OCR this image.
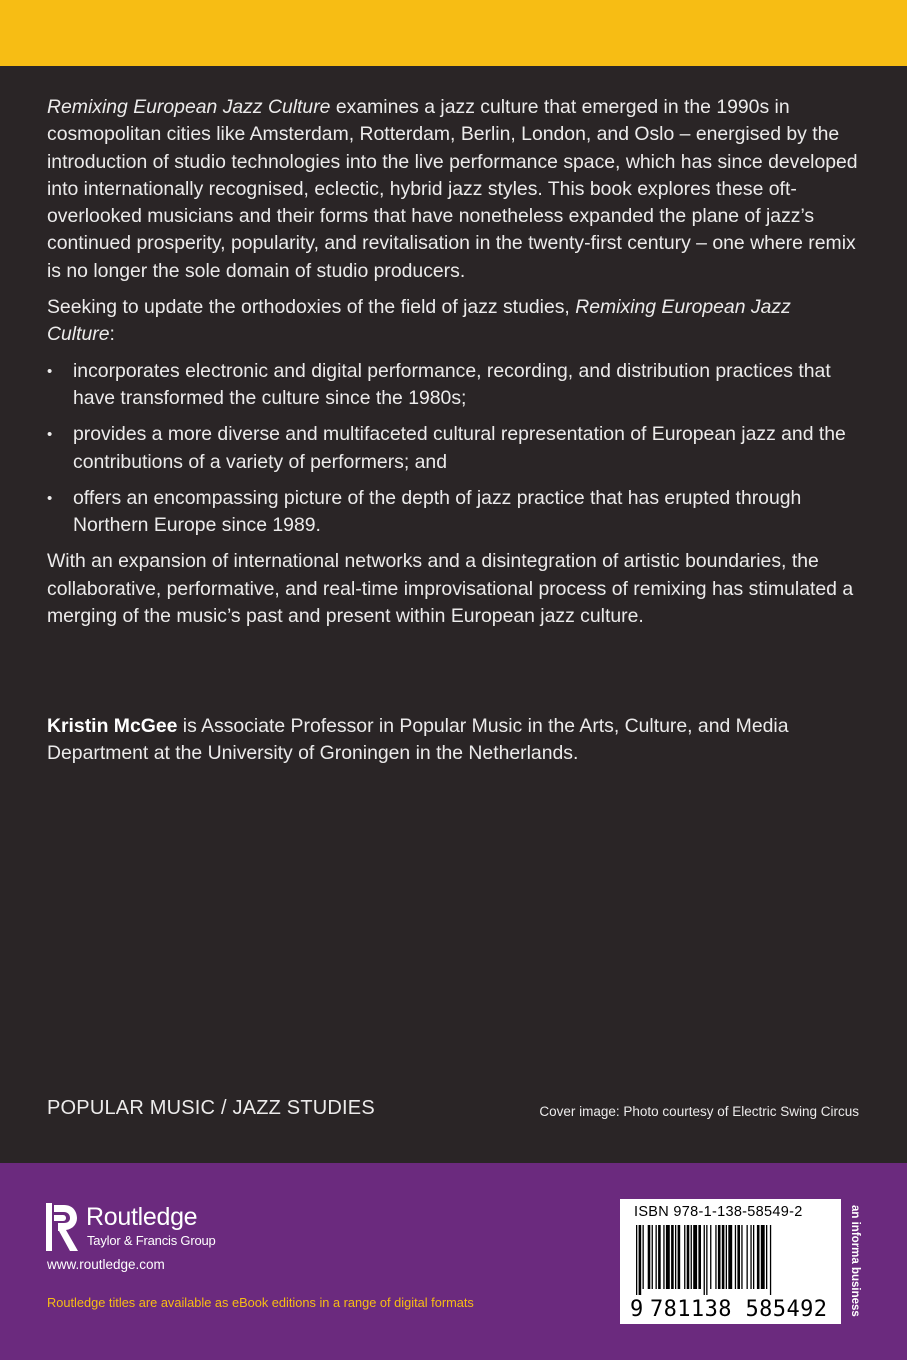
Remixing European Jazz Culture examines a jazz culture that emerged in the 1990s in cosmopolitan cities like Amsterdam, Rotterdam, Berlin, London, and Oslo – energised by the introduction of studio technologies into the live performance space, which has since developed into internationally recognised, eclectic, hybrid jazz styles. This book explores these oft-overlooked musicians and their forms that have nonetheless expanded the plane of jazz’s continued prosperity, popularity, and revitalisation in the twenty-first century – one where remix is no longer the sole domain of studio producers.

Seeking to update the orthodoxies of the field of jazz studies, Remixing European Jazz Culture:

• incorporates electronic and digital performance, recording, and distribution practices that have transformed the culture since the 1980s;
• provides a more diverse and multifaceted cultural representation of European jazz and the contributions of a variety of performers; and
• offers an encompassing picture of the depth of jazz practice that has erupted through Northern Europe since 1989.

With an expansion of international networks and a disintegration of artistic boundaries, the collaborative, performative, and real-time improvisational process of remixing has stimulated a merging of the music’s past and present within European jazz culture.

Kristin McGee is Associate Professor in Popular Music in the Arts, Culture, and Media Department at the University of Groningen in the Netherlands.
POPULAR MUSIC / JAZZ STUDIES	Cover image: Photo courtesy of Electric Swing Circus
Routledge
Taylor & Francis Group
www.routledge.com
Routledge titles are available as eBook editions in a range of digital formats
ISBN 978-1-138-58549-2
9 781138 585492 an informa business
